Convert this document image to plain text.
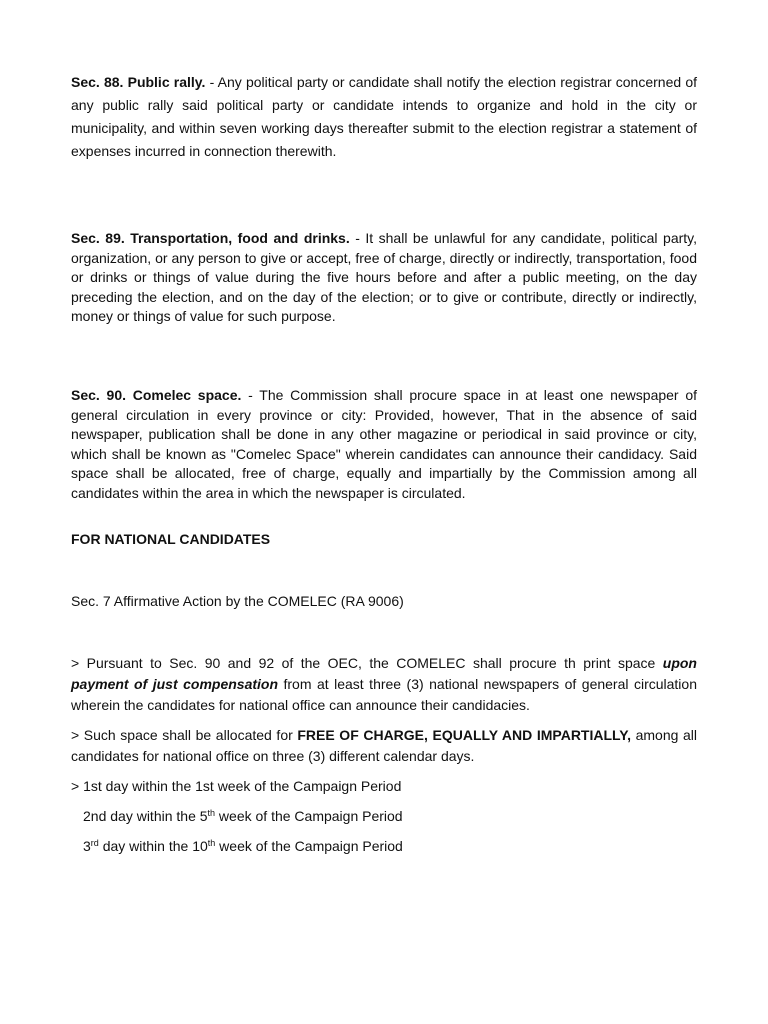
Sec. 88. Public rally. - Any political party or candidate shall notify the election registrar concerned of any public rally said political party or candidate intends to organize and hold in the city or municipality, and within seven working days thereafter submit to the election registrar a statement of expenses incurred in connection therewith.

Sec. 89. Transportation, food and drinks. - It shall be unlawful for any candidate, political party, organization, or any person to give or accept, free of charge, directly or indirectly, transportation, food or drinks or things of value during the five hours before and after a public meeting, on the day preceding the election, and on the day of the election; or to give or contribute, directly or indirectly, money or things of value for such purpose.

Sec. 90. Comelec space. - The Commission shall procure space in at least one newspaper of general circulation in every province or city: Provided, however, That in the absence of said newspaper, publication shall be done in any other magazine or periodical in said province or city, which shall be known as "Comelec Space" wherein candidates can announce their candidacy. Said space shall be allocated, free of charge, equally and impartially by the Commission among all candidates within the area in which the newspaper is circulated.

FOR NATIONAL CANDIDATES

Sec. 7 Affirmative Action by the COMELEC (RA 9006)

> Pursuant to Sec. 90 and 92 of the OEC, the COMELEC shall procure th print space upon payment of just compensation from at least three (3) national newspapers of general circulation wherein the candidates for national office can announce their candidacies.

> Such space shall be allocated for FREE OF CHARGE, EQUALLY AND IMPARTIALLY, among all candidates for national office on three (3) different calendar days.

> 1st day within the 1st week of the Campaign Period

2nd day within the 5th week of the Campaign Period

3rd day within the 10th week of the Campaign Period
